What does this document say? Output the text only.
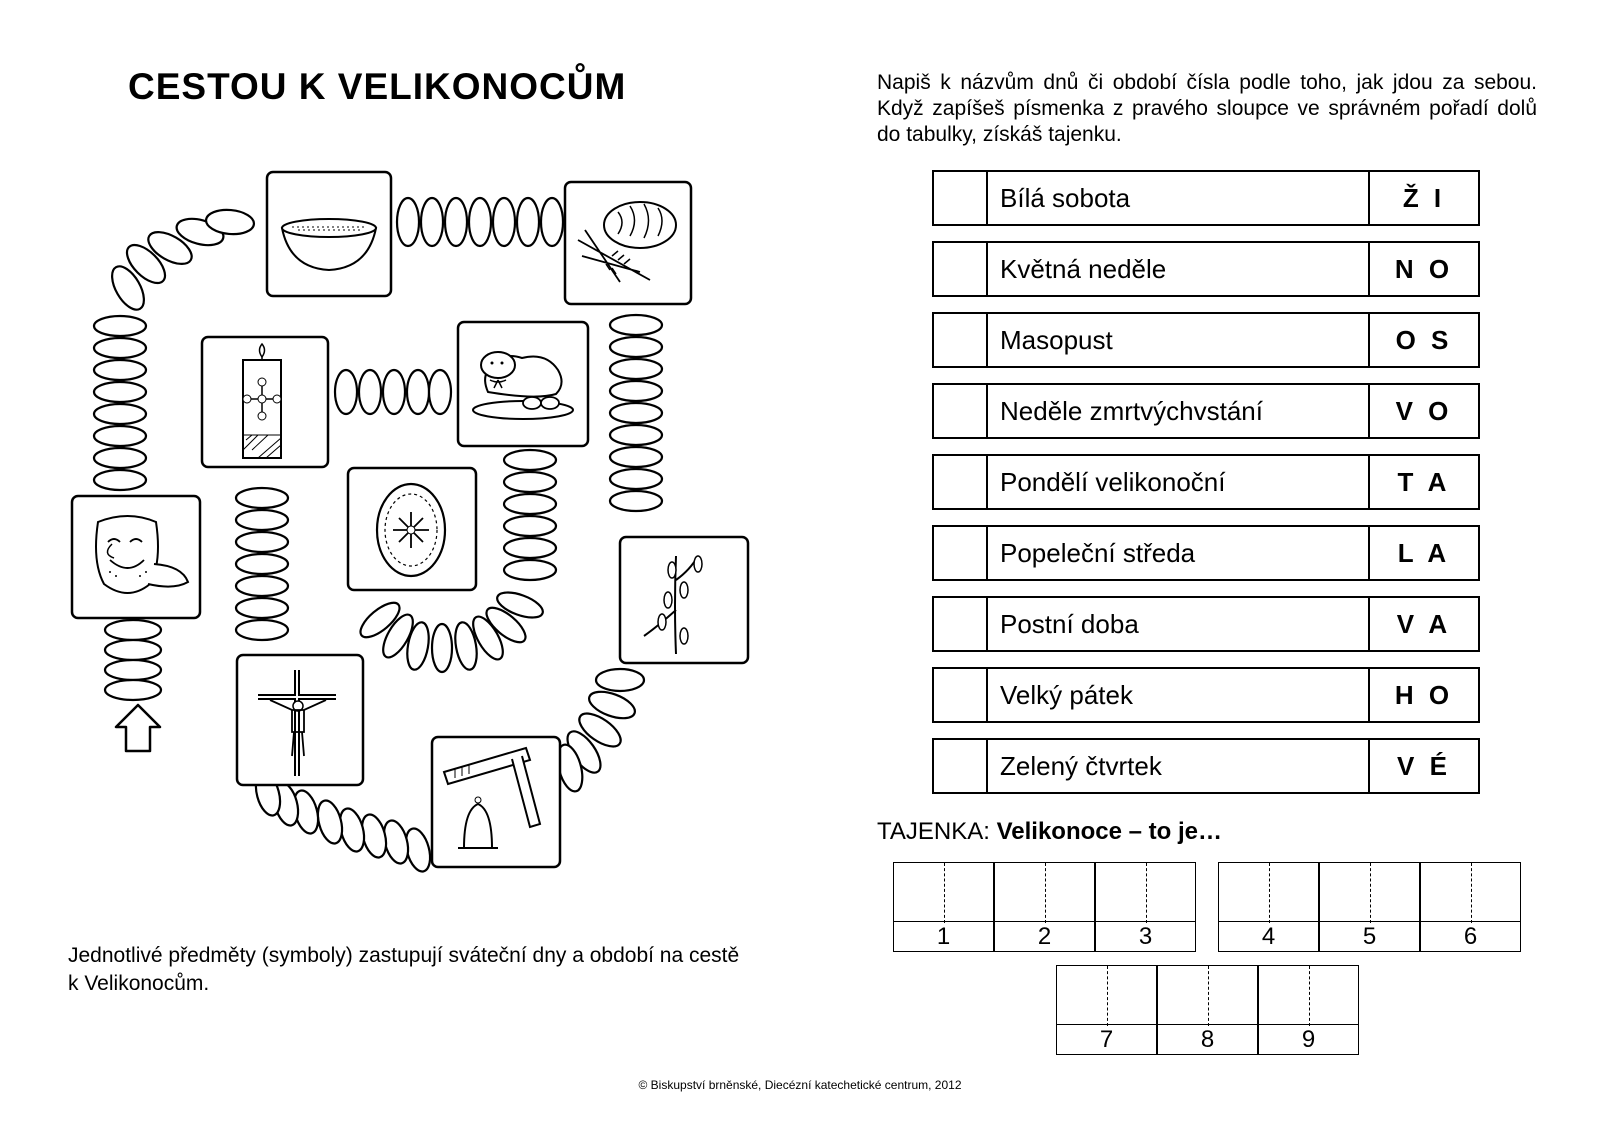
CESTOU K VELIKONOCŮM	Napiš k názvům dnů či období čísla podle toho, jak jdou za sebou. Když zapíšeš písmenka z pravého sloupce ve správném pořadí dolů do tabulky, získáš tajenku.
Bílá sobota	Ž I
Květná neděle	N O
Masopust	O S
Neděle zmrtvýchvstání	V O
Pondělí velikonoční	T A
Popeleční středa	L A
Postní doba	V A
Velký pátek	H O
Zelený čtvrtek	V É
TAJENKA: Velikonoce – to je…
1	2	3	4	5	6
7	8	9
Jednotlivé předměty (symboly) zastupují sváteční dny a období na cestě k Velikonocům.
© Biskupství brněnské, Diecézní katechetické centrum, 2012
